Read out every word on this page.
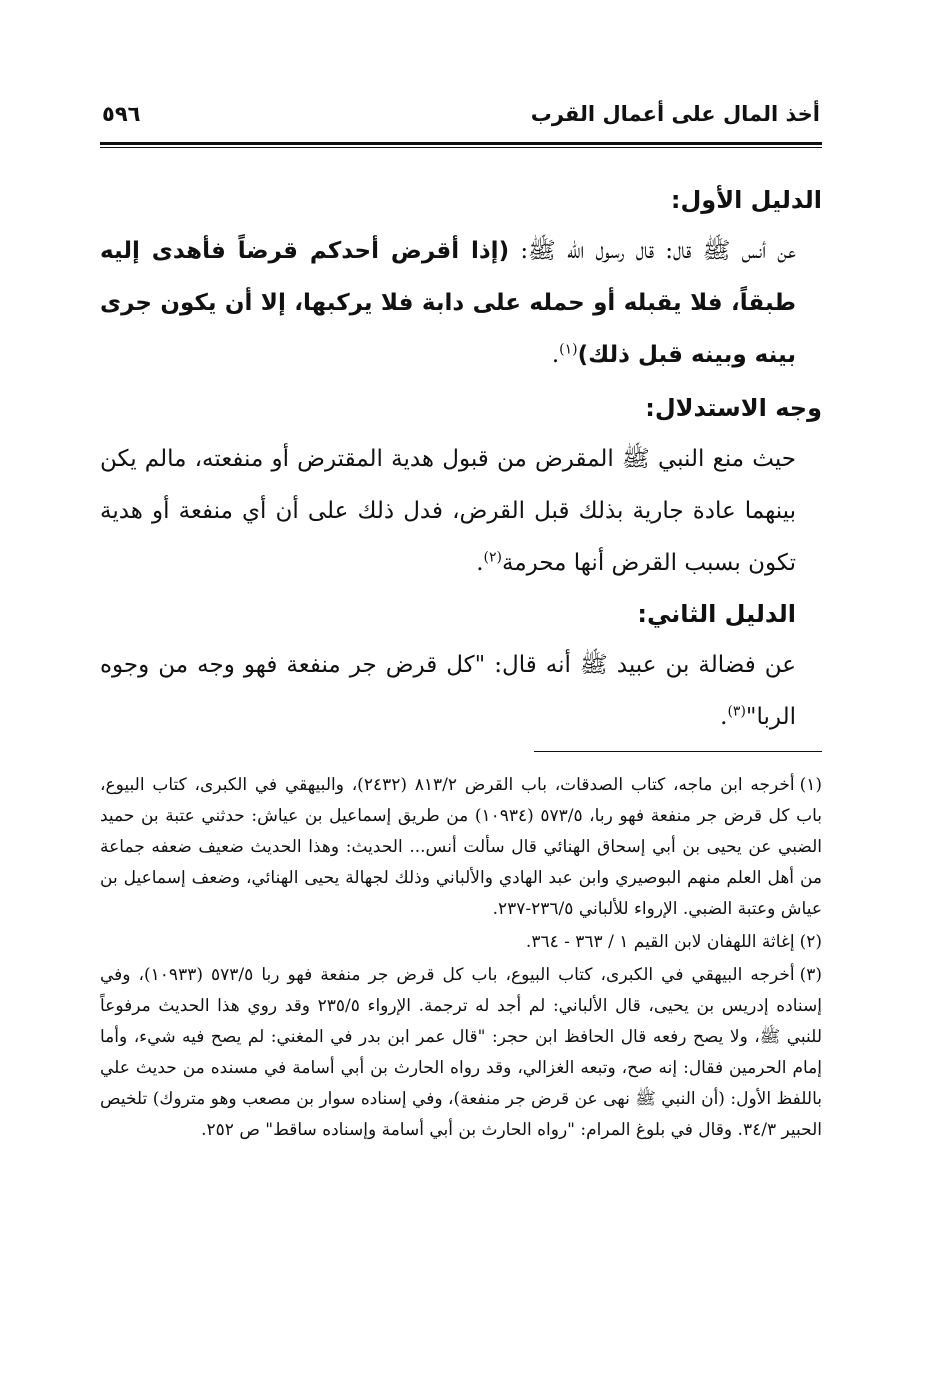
أخذ المال على أعمال القرب
٥٩٦

الدليل الأول:

عن أنس ﷺ قال: قال رسول الله ﷺ: (إذا أقرض أحدكم قرضاً فأهدى إليه طبقاً، فلا يقبله أو حمله على دابة فلا يركبها، إلا أن يكون جرى بينه وبينه قبل ذلك)$^{(١)}$.

وجه الاستدلال:

حيث منع النبي ﷺ المقرض من قبول هدية المقترض أو منفعته، مالم يكن بينهما عادة جارية بذلك قبل القرض، فدل ذلك على أن أي منفعة أو هدية تكون بسبب القرض أنها محرمة$^{(٢)}$.

الدليل الثاني:

عن فضالة بن عبيد ﷺ أنه قال: "كل قرض جر منفعة فهو وجه من وجوه الربا"$^{(٣)}$.

(١)أخرجه ابن ماجه، كتاب الصدقات، باب القرض ٨١٣/٢ (٢٤٣٢)، والبيهقي في الكبرى، كتاب البيوع، باب كل قرض جر منفعة فهو ربا، ٥٧٣/٥ (١٠٩٣٤) من طريق إسماعيل بن عياش: حدثني عتبة بن حميد الضبي عن يحيى بن أبي إسحاق الهنائي قال سألت أنس... الحديث: وهذا الحديث ضعيف ضعفه جماعة من أهل العلم منهم البوصيري وابن عبد الهادي والألباني وذلك لجهالة يحيى الهنائي، وضعف إسماعيل بن عياش وعتبة الضبي. الإرواء للألباني ٢٣٦/٥-٢٣٧.

(٢)إغاثة اللهفان لابن القيم ١ / ٣٦٣ - ٣٦٤.

(٣)أخرجه البيهقي في الكبرى، كتاب البيوع، باب كل قرض جر منفعة فهو ربا ٥٧٣/٥ (١٠٩٣٣)، وفي إسناده إدريس بن يحيى، قال الألباني: لم أجد له ترجمة. الإرواء ٢٣٥/٥ وقد روي هذا الحديث مرفوعاً للنبي ﷺ، ولا يصح رفعه قال الحافظ ابن حجر: "قال عمر ابن بدر في المغني: لم يصح فيه شيء، وأما إمام الحرمين فقال: إنه صح، وتبعه الغزالي، وقد رواه الحارث بن أبي أسامة في مسنده من حديث علي باللفظ الأول: (أن النبي ﷺ نهى عن قرض جر منفعة)، وفي إسناده سوار بن مصعب وهو متروك) تلخيص الحبير ٣٤/٣. وقال في بلوغ المرام: "رواه الحارث بن أبي أسامة وإسناده ساقط" ص ٢٥٢.
